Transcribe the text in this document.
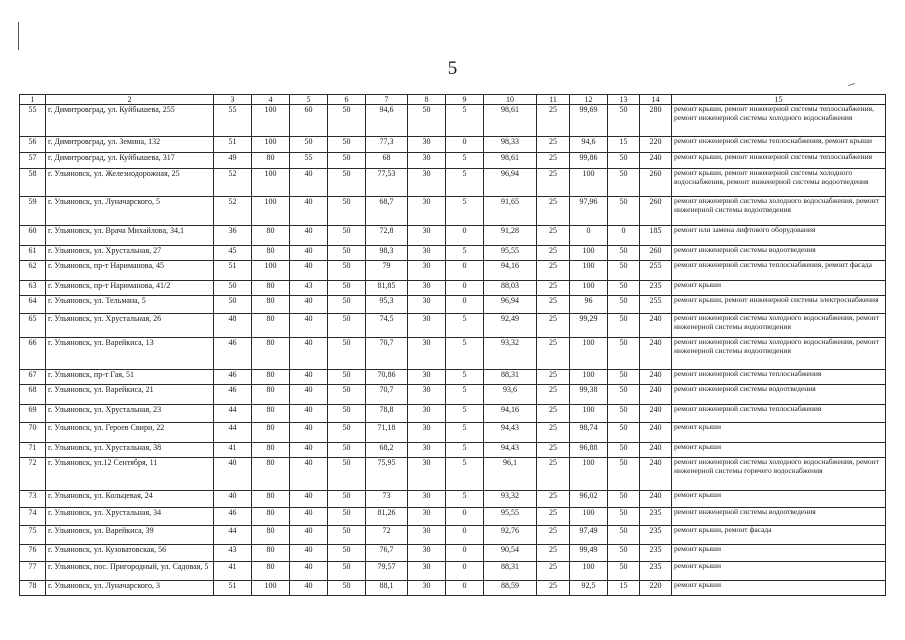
5
1	2	3	4	5	6	7	8	9	10	11	12	13	14	15
55	г. Димитровград, ул. Куйбышева, 255	55	100	60	50	94,6	50	5	98,61	25	99,69	50	280	ремонт крыши, ремонт инженерной системы теплоснабжения, ремонт инженерной системы холодного водоснабжения
56	г. Димитровград, ул. Земина, 132	51	100	50	50	77,3	30	0	98,33	25	94,6	15	220	ремонт инженерной системы теплоснабжения, ремонт крыши
57	г. Димитровград, ул. Куйбышева, 317	49	80	55	50	68	30	5	98,61	25	99,86	50	240	ремонт крыши, ремонт инженерной системы теплоснабжения
58	г. Ульяновск, ул. Железнодорожная, 25	52	100	40	50	77,53	30	5	96,94	25	100	50	260	ремонт крыши, ремонт инженерной системы холодного водоснабжения, ремонт инженерной системы водоотведения
59	г. Ульяновск, ул. Луначарского, 5	52	100	40	50	68,7	30	5	91,65	25	97,96	50	260	ремонт инженерной системы холодного водоснабжения, ремонт инженерной системы водоотведения
60	г. Ульяновск, ул. Врача Михайлова, 34,1	36	80	40	50	72,8	30	0	91,28	25	0	0	185	ремонт или замена лифтового оборудования
61	г. Ульяновск, ул. Хрустальная, 27	45	80	40	50	98,3	30	5	95,55	25	100	50	260	ремонт инженерной системы водоотведения
62	г. Ульяновск, пр-т Нариманова, 45	51	100	40	50	79	30	0	94,16	25	100	50	255	ремонт инженерной системы теплоснабжения, ремонт фасада
63	г. Ульяновск, пр-т Нариманова, 41/2	50	80	43	50	81,85	30	0	88,03	25	100	50	235	ремонт крыши
64	г. Ульяновск, ул. Тельмана, 5	50	80	40	50	95,3	30	0	96,94	25	96	50	255	ремонт крыши, ремонт инженерной системы электроснабжения
65	г. Ульяновск, ул. Хрустальная, 26	48	80	40	50	74,5	30	5	92,49	25	99,29	50	240	ремонт инженерной системы холодного водоснабжения, ремонт инженерной системы водоотведения
66	г. Ульяновск, ул. Варейкиса, 13	46	80	40	50	70,7	30	5	93,32	25	100	50	240	ремонт инженерной системы холодного водоснабжения, ремонт инженерной системы водоотведения
67	г. Ульяновск, пр-т Гая, 51	46	80	40	50	70,86	30	5	88,31	25	100	50	240	ремонт инженерной системы теплоснабжения
68	г. Ульяновск, ул. Варейкиса, 21	46	80	40	50	70,7	30	5	93,6	25	99,38	50	240	ремонт инженерной системы водоотведения
69	г. Ульяновск, ул. Хрустальная, 23	44	80	40	50	78,8	30	5	94,16	25	100	50	240	ремонт инженерной системы теплоснабжения
70	г. Ульяновск, ул. Героев Свири, 22	44	80	40	50	71,18	30	5	94,43	25	98,74	50	240	ремонт крыши
71	г. Ульяновск, ул. Хрустальная, 38	41	80	40	50	68,2	30	5	94,43	25	96,88	50	240	ремонт крыши
72	г. Ульяновск, ул.12 Сентября, 11	40	80	40	50	75,95	30	5	96,1	25	100	50	240	ремонт инженерной системы холодного водоснабжения, ремонт инженерной системы горячего водоснабжения
73	г. Ульяновск, ул. Кольцевая, 24	40	80	40	50	73	30	5	93,32	25	96,02	50	240	ремонт крыши
74	г. Ульяновск, ул. Хрустальная, 34	46	80	40	50	81,26	30	0	95,55	25	100	50	235	ремонт инженерной системы водоотведения
75	г. Ульяновск, ул. Варейкиса, 39	44	80	40	50	72	30	0	92,76	25	97,49	50	235	ремонт крыши, ремонт фасада
76	г. Ульяновск, ул. Кузоватовская, 56	43	80	40	50	76,7	30	0	90,54	25	99,49	50	235	ремонт крыши
77	г. Ульяновск, пос. Пригородный, ул. Садовая, 5	41	80	40	50	79,57	30	0	88,31	25	100	50	235	ремонт крыши
78	г. Ульяновск, ул. Луначарского, 3	51	100	40	50	88,1	30	0	88,59	25	92,5	15	220	ремонт крыши
